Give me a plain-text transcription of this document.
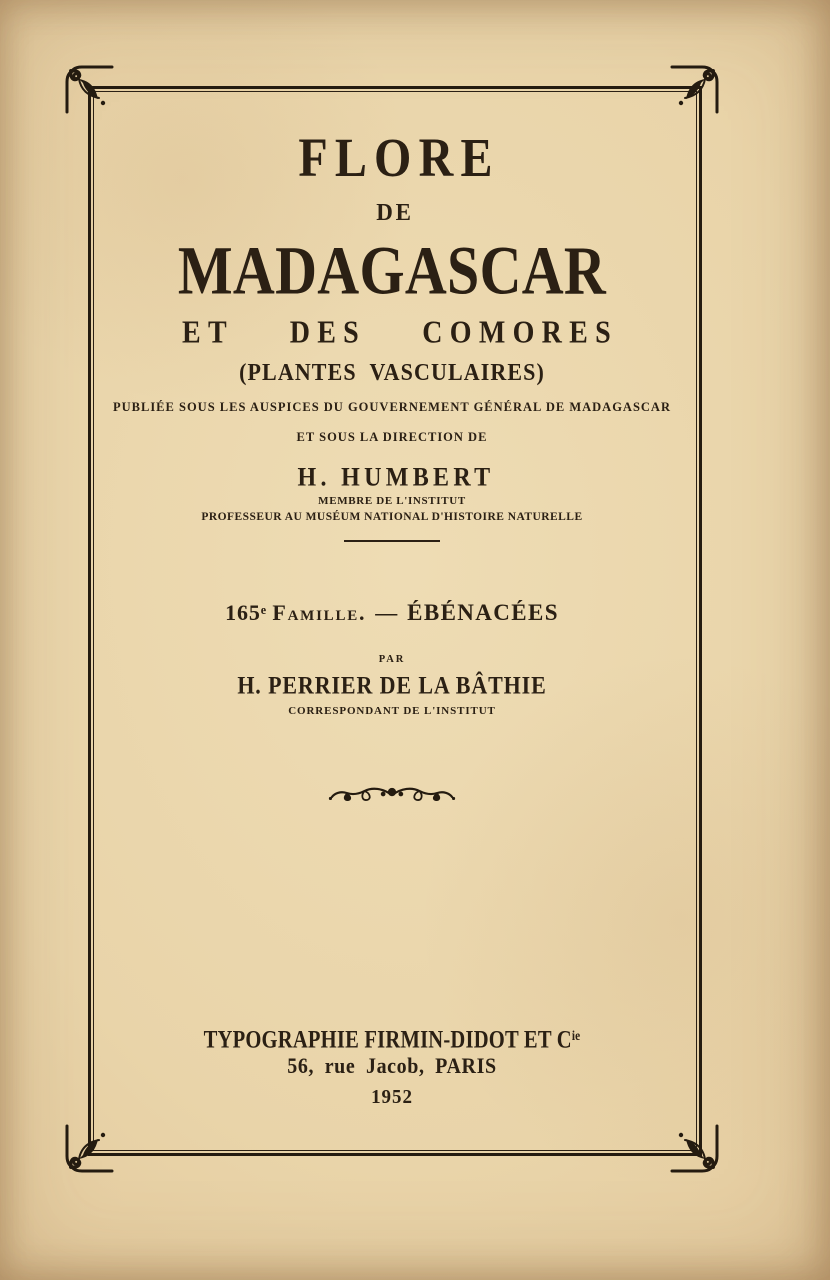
FLORE
DE
MADAGASCAR
ET DES COMORES
(PLANTES VASCULAIRES)
PUBLIÉE SOUS LES AUSPICES DU GOUVERNEMENT GÉNÉRAL DE MADAGASCAR
ET SOUS LA DIRECTION DE
H. HUMBERT
MEMBRE DE L'INSTITUT
PROFESSEUR AU MUSÉUM NATIONAL D'HISTOIRE NATURELLE
165e Famille. — ÉBÉNACÉES
PAR
H. PERRIER DE LA BÂTHIE
CORRESPONDANT DE L'INSTITUT
TYPOGRAPHIE FIRMIN-DIDOT ET $C^{ie}$
56, rue Jacob, PARIS
1952
